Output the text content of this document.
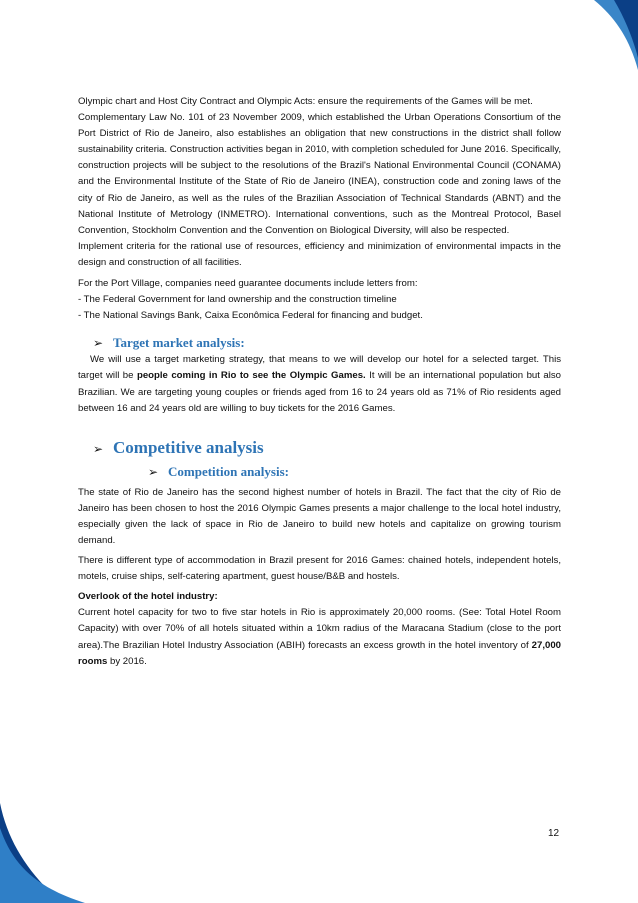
Olympic chart and Host City Contract and Olympic Acts: ensure the requirements of the Games will be met.

Complementary Law No. 101 of 23 November 2009, which established the Urban Operations Consortium of the Port District of Rio de Janeiro, also establishes an obligation that new constructions in the district shall follow sustainability criteria. Construction activities began in 2010, with completion scheduled for June 2016. Specifically, construction projects will be subject to the resolutions of the Brazil's National Environmental Council (CONAMA) and the Environmental Institute of the State of Rio de Janeiro (INEA), construction code and zoning laws of the city of Rio de Janeiro, as well as the rules of the Brazilian Association of Technical Standards (ABNT) and the National Institute of Metrology (INMETRO). International conventions, such as the Montreal Protocol, Basel Convention, Stockholm Convention and the Convention on Biological Diversity, will also be respected.

Implement criteria for the rational use of resources, efficiency and minimization of environmental impacts in the design and construction of all facilities.

For the Port Village, companies need guarantee documents include letters from:

- The Federal Government for land ownership and the construction timeline

- The National Savings Bank, Caixa Econômica Federal for financing and budget.

➢ Target market analysis:

We will use a target marketing strategy, that means to we will develop our hotel for a selected target. This target will be people coming in Rio to see the Olympic Games. It will be an international population but also Brazilian. We are targeting young couples or friends aged from 16 to 24 years old as 71% of Rio residents aged between 16 and 24 years old are willing to buy tickets for the 2016 Games.

➢ Competitive analysis

➢ Competition analysis:

The state of Rio de Janeiro has the second highest number of hotels in Brazil. The fact that the city of Rio de Janeiro has been chosen to host the 2016 Olympic Games presents a major challenge to the local hotel industry, especially given the lack of space in Rio de Janeiro to build new hotels and capitalize on growing tourism demand.

There is different type of accommodation in Brazil present for 2016 Games: chained hotels, independent hotels, motels, cruise ships, self-catering apartment, guest house/B&B and hostels.

Overlook of the hotel industry:

Current hotel capacity for two to five star hotels in Rio is approximately 20,000 rooms. (See: Total Hotel Room Capacity) with over 70% of all hotels situated within a 10km radius of the Maracana Stadium (close to the port area).The Brazilian Hotel Industry Association (ABIH) forecasts an excess growth in the hotel inventory of 27,000 rooms by 2016.

12
